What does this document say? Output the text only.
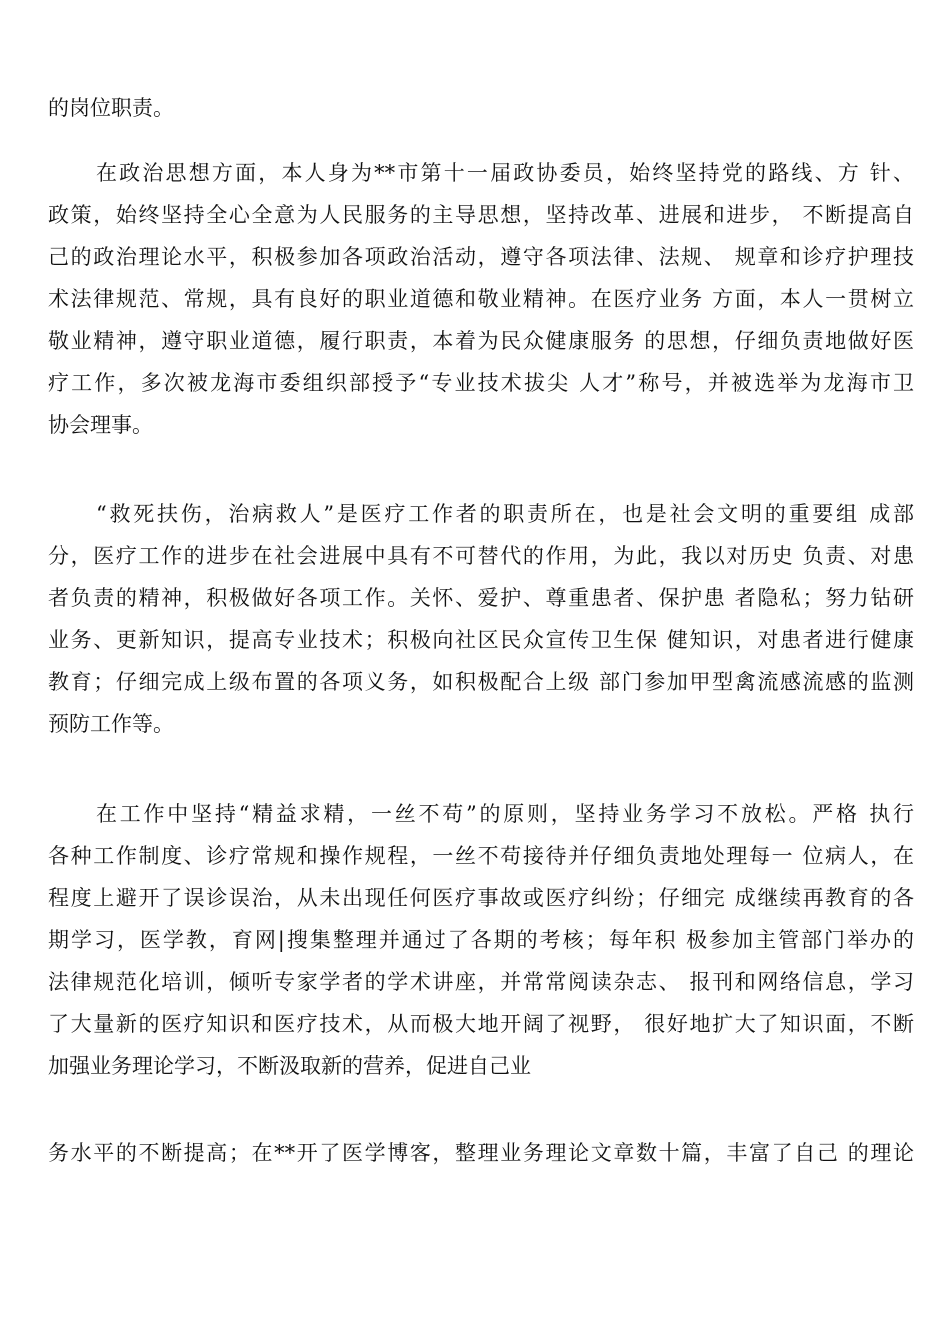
的岗位职责。
在政治思想方面，本人身为**市第十一届政协委员，始终坚持党的路线、方 针、
政策，始终坚持全心全意为人民服务的主导思想，坚持改革、进展和进步， 不断提高自
己的政治理论水平，积极参加各项政治活动，遵守各项法律、法规、 规章和诊疗护理技
术法律规范、常规，具有良好的职业道德和敬业精神。在医疗业务 方面，本人一贯树立
敬业精神，遵守职业道德，履行职责，本着为民众健康服务 的思想，仔细负责地做好医
疗工作，多次被龙海市委组织部授予“专业技术拔尖 人才”称号，并被选举为龙海市卫
协会理事。
“救死扶伤，治病救人”是医疗工作者的职责所在，也是社会文明的重要组 成部
分，医疗工作的进步在社会进展中具有不可替代的作用，为此，我以对历史 负责、对患
者负责的精神，积极做好各项工作。关怀、爱护、尊重患者、保护患 者隐私；努力钻研
业务、更新知识，提高专业技术；积极向社区民众宣传卫生保 健知识，对患者进行健康
教育；仔细完成上级布置的各项义务，如积极配合上级 部门参加甲型禽流感流感的监测
预防工作等。
在工作中坚持“精益求精，一丝不苟”的原则，坚持业务学习不放松。严格 执行
各种工作制度、诊疗常规和操作规程，一丝不苟接待并仔细负责地处理每一 位病人，在
程度上避开了误诊误治，从未出现任何医疗事故或医疗纠纷；仔细完 成继续再教育的各
期学习，医学教，育网|搜集整理并通过了各期的考核；每年积 极参加主管部门举办的
法律规范化培训，倾听专家学者的学术讲座，并常常阅读杂志、 报刊和网络信息，学习
了大量新的医疗知识和医疗技术，从而极大地开阔了视野， 很好地扩大了知识面，不断
加强业务理论学习，不断汲取新的营养，促进自己业
务水平的不断提高；在**开了医学博客，整理业务理论文章数十篇，丰富了自己 的理论
